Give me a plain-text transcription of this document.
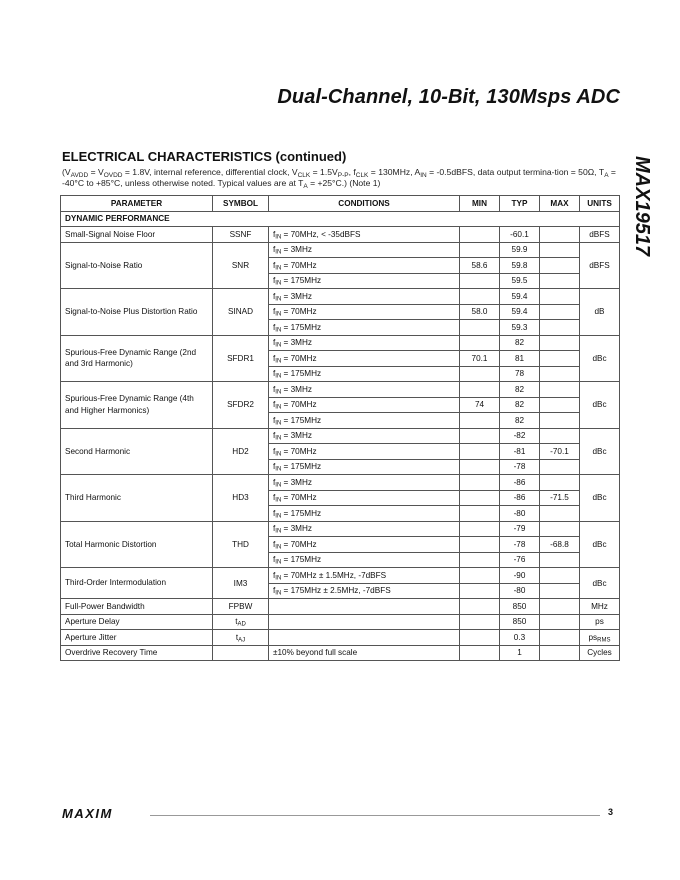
Dual-Channel, 10-Bit, 130Msps ADC
MAX19517
ELECTRICAL CHARACTERISTICS (continued)
($V_{AVDD} = V_{OVDD} = 1.8V$, internal reference, differential clock, $V_{CLK} = 1.5V_{P-P}$, $f_{CLK} = 130MHz$, $A_{IN}$ = -0.5dBFS, data output termina-tion = 50Ω, $T_A = -40^\circ C$ to +85°C, unless otherwise noted. Typical values are at $T_A = +25^\circ C$.) (Note 1)
PARAMETER	SYMBOL	CONDITIONS	MIN	TYP	MAX	UNITS
DYNAMIC PERFORMANCE						
Small-Signal Noise Floor	SSNF	fIN = 70MHz, < -35dBFS		-60.1		dBFS
Signal-to-Noise Ratio	SNR	fIN = 3MHz		59.9		dBFS
		fIN = 70MHz	58.6	59.8		
		fIN = 175MHz		59.5		
Signal-to-Noise Plus Distortion Ratio	SINAD	fIN = 3MHz		59.4		dB
		fIN = 70MHz	58.0	59.4		
		fIN = 175MHz		59.3		
Spurious-Free Dynamic Range (2nd and 3rd Harmonic)	SFDR1	fIN = 3MHz		82		dBc
		fIN = 70MHz	70.1	81		
		fIN = 175MHz		78		
Spurious-Free Dynamic Range (4th and Higher Harmonics)	SFDR2	fIN = 3MHz		82		dBc
		fIN = 70MHz	74	82		
		fIN = 175MHz		82		
Second Harmonic	HD2	fIN = 3MHz		-82		dBc
		fIN = 70MHz		-81	-70.1	
		fIN = 175MHz		-78		
Third Harmonic	HD3	fIN = 3MHz		-86		dBc
		fIN = 70MHz		-86	-71.5	
		fIN = 175MHz		-80		
Total Harmonic Distortion	THD	fIN = 3MHz		-79		dBc
		fIN = 70MHz		-78	-68.8	
		fIN = 175MHz		-76		
Third-Order Intermodulation	IM3	fIN = 70MHz ± 1.5MHz, -7dBFS		-90		dBc
		fIN = 175MHz ± 2.5MHz, -7dBFS		-80		
Full-Power Bandwidth	FPBW			850		MHz
Aperture Delay	tAD			850		ps
Aperture Jitter	tAJ			0.3		psRMS
Overdrive Recovery Time		±10% beyond full scale		1		Cycles
MAXIM	3
